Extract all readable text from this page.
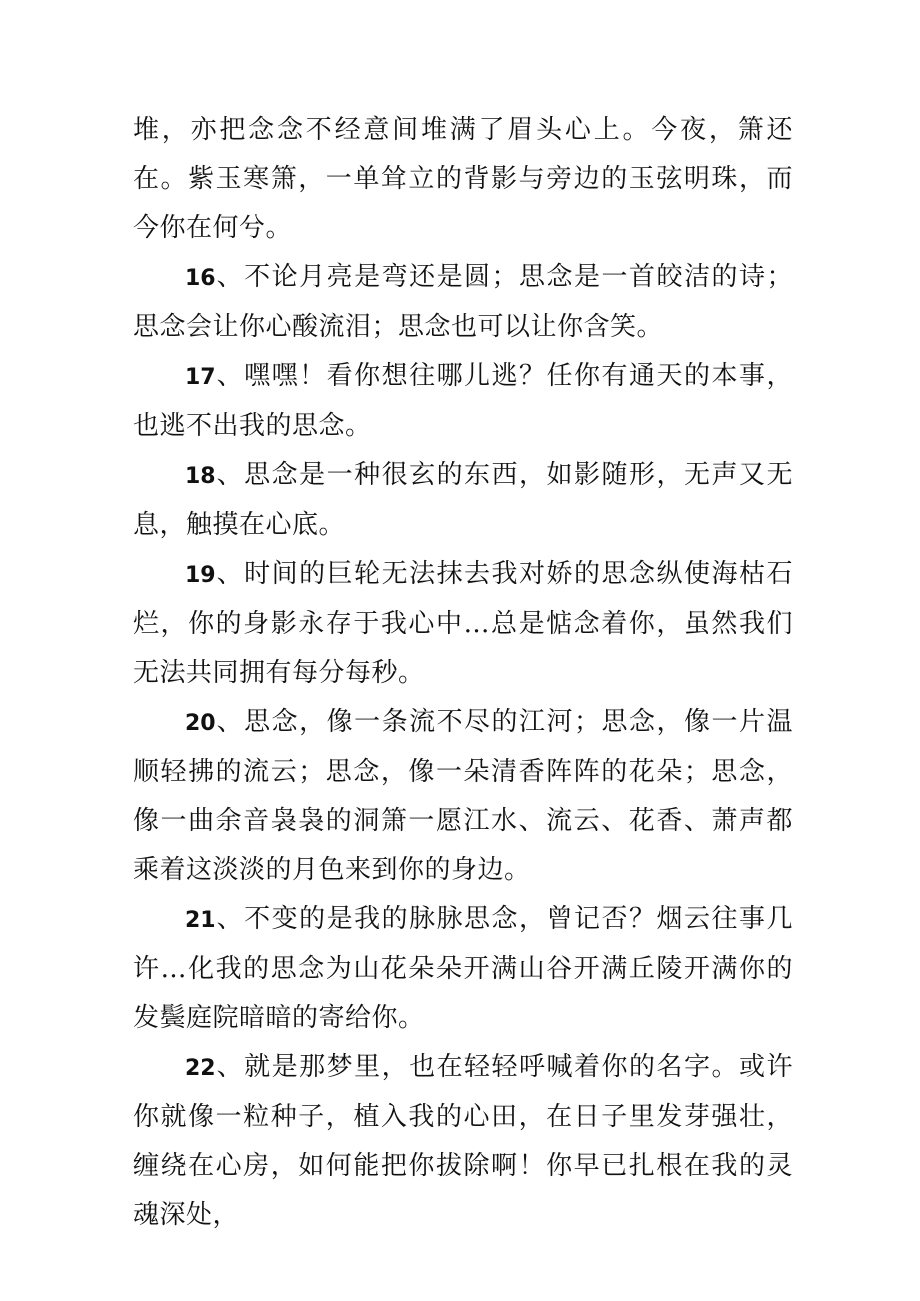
堆，亦把念念不经意间堆满了眉头心上。今夜，箫还在。紫玉寒箫，一单耸立的背影与旁边的玉弦明珠，而今你在何兮。

16、不论月亮是弯还是圆；思念是一首皎洁的诗；思念会让你心酸流泪；思念也可以让你含笑。

17、嘿嘿！看你想往哪儿逃？任你有通天的本事，也逃不出我的思念。

18、思念是一种很玄的东西，如影随形，无声又无息，触摸在心底。

19、时间的巨轮无法抹去我对娇的思念纵使海枯石烂，你的身影永存于我心中…总是惦念着你，虽然我们无法共同拥有每分每秒。

20、思念，像一条流不尽的江河；思念，像一片温顺轻拂的流云；思念，像一朵清香阵阵的花朵；思念，像一曲余音袅袅的洞箫一愿江水、流云、花香、萧声都乘着这淡淡的月色来到你的身边。

21、不变的是我的脉脉思念，曾记否？烟云往事几许…化我的思念为山花朵朵开满山谷开满丘陵开满你的发鬓庭院暗暗的寄给你。

22、就是那梦里，也在轻轻呼喊着你的名字。或许你就像一粒种子，植入我的心田，在日子里发芽强壮，缠绕在心房，如何能把你拔除啊！你早已扎根在我的灵魂深处，
